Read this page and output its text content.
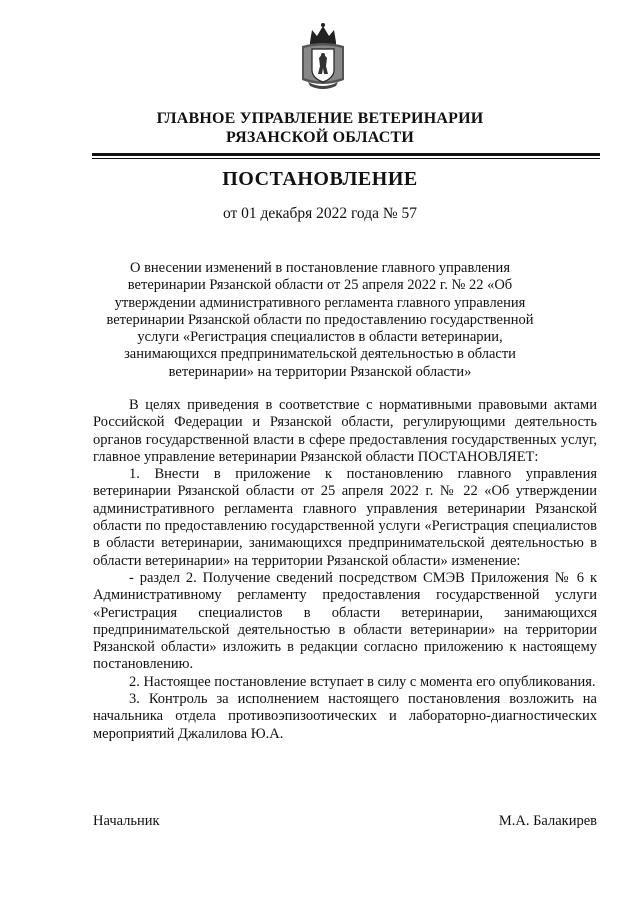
ГЛАВНОЕ УПРАВЛЕНИЕ ВЕТЕРИНАРИИ
РЯЗАНСКОЙ ОБЛАСТИ
ПОСТАНОВЛЕНИЕ
от 01 декабря 2022 года № 57
О внесении изменений в постановление главного управления ветеринарии Рязанской области от 25 апреля 2022 г. № 22 «Об утверждении административного регламента главного управления ветеринарии Рязанской области по предоставлению государственной услуги «Регистрация специалистов в области ветеринарии, занимающихся предпринимательской деятельностью в области ветеринарии» на территории Рязанской области»

В целях приведения в соответствие с нормативными правовыми актами Российской Федерации и Рязанской области, регулирующими деятельность органов государственной власти в сфере предоставления государственных услуг, главное управление ветеринарии Рязанской области ПОСТАНОВЛЯЕТ:

1. Внести в приложение к постановлению главного управления ветеринарии Рязанской области от 25 апреля 2022 г. № 22 «Об утверждении административного регламента главного управления ветеринарии Рязанской области по предоставлению государственной услуги «Регистрация специалистов в области ветеринарии, занимающихся предпринимательской деятельностью в области ветеринарии» на территории Рязанской области» изменение:

- раздел 2. Получение сведений посредством СМЭВ Приложения № 6 к Административному регламенту предоставления государственной услуги «Регистрация специалистов в области ветеринарии, занимающихся предпринимательской деятельностью в области ветеринарии» на территории Рязанской области» изложить в редакции согласно приложению к настоящему постановлению.

2. Настоящее постановление вступает в силу с момента его опубликования.

3. Контроль за исполнением настоящего постановления возложить на начальника отдела противоэпизоотических и лабораторно-диагностических мероприятий Джалилова Ю.А.

Начальник	М.А. Балакирев
